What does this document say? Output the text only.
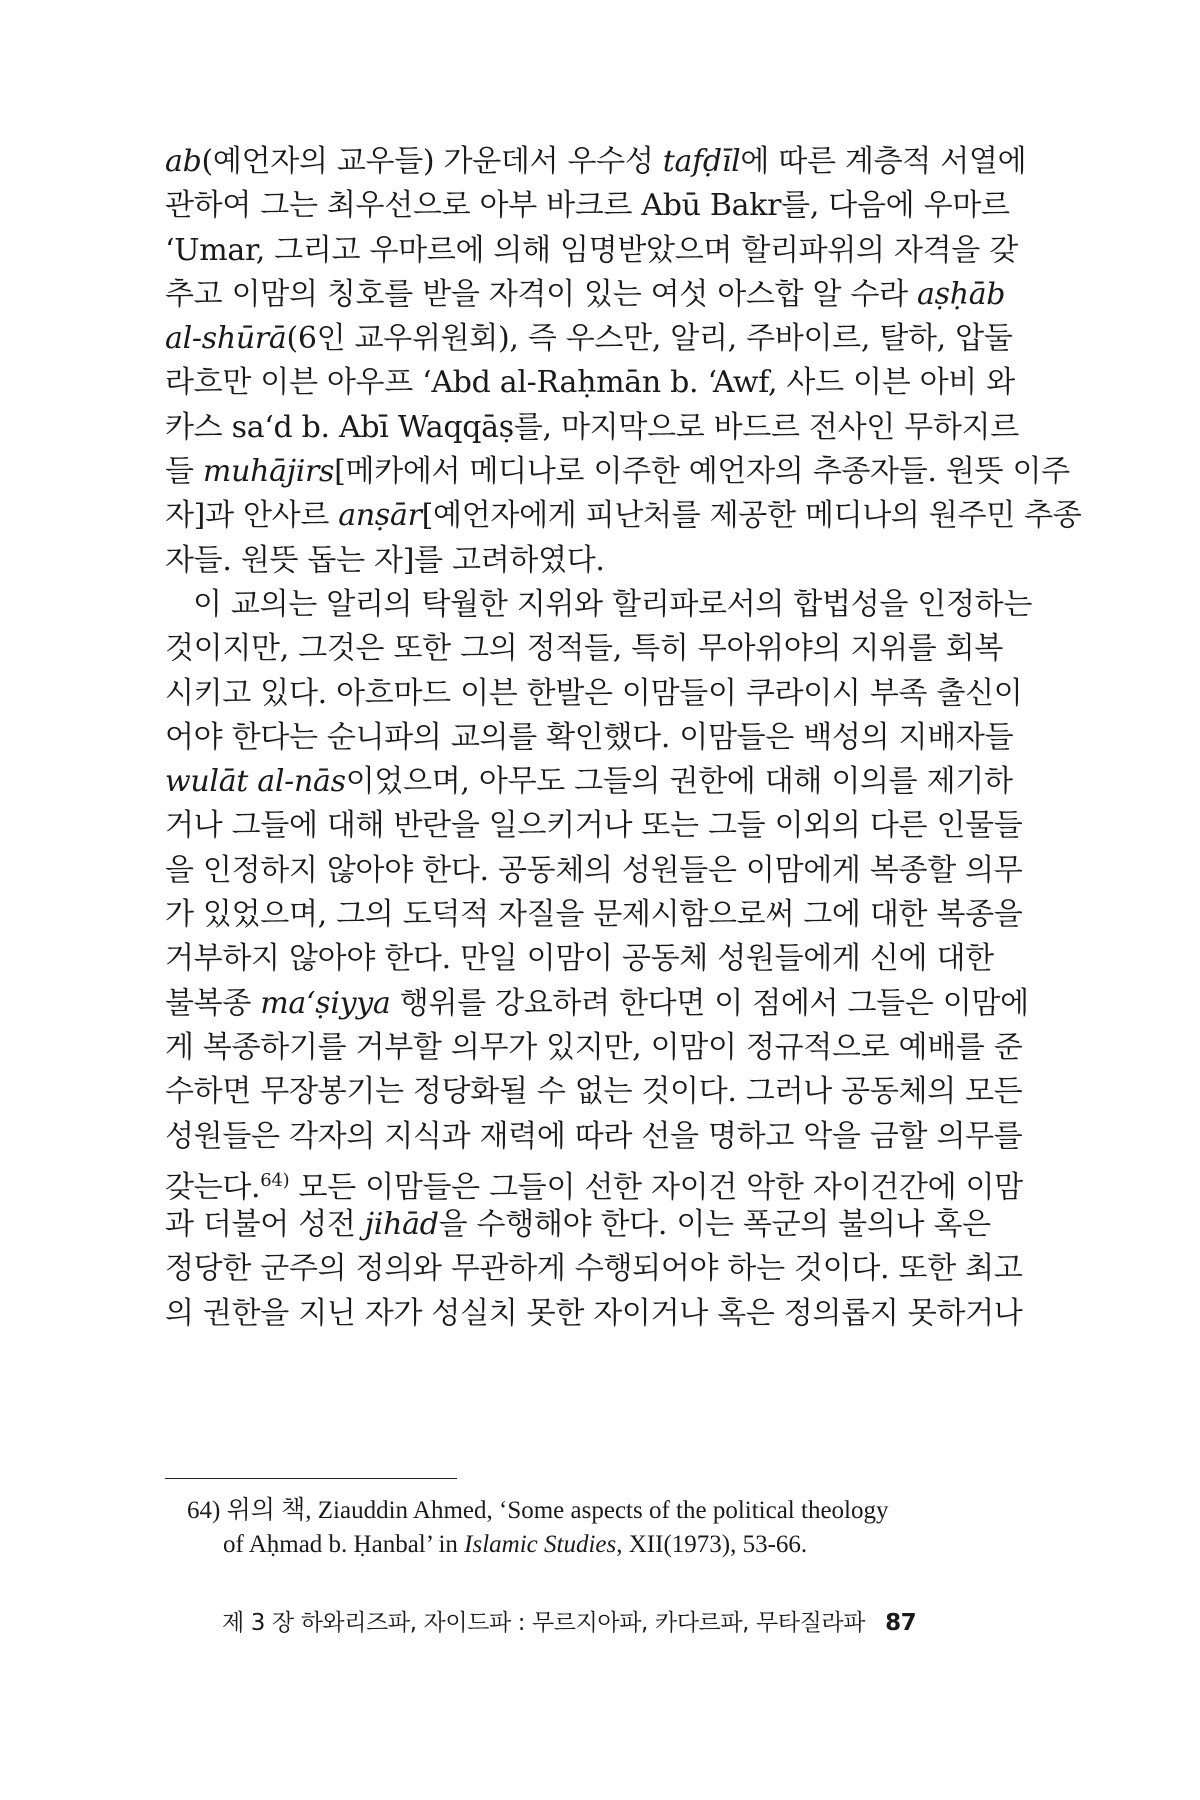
ab(예언자의 교우들) 가운데서 우수성 tafḍīl에 따른 계층적 서열에
관하여 그는 최우선으로 아부 바크르 Abū Bakr를, 다음에 우마르
‘Umar, 그리고 우마르에 의해 임명받았으며 할리파위의 자격을 갖
추고 이맘의 칭호를 받을 자격이 있는 여섯 아스합 알 수라 aṣḥāb
al-shūrā(6인 교우위원회), 즉 우스만, 알리, 주바이르, 탈하, 압둘
라흐만 이븐 아우프 ‘Abd al-Raḥmān b. ‘Awf, 사드 이븐 아비 와
카스 sa‘d b. Abī Waqqāṣ를, 마지막으로 바드르 전사인 무하지르
들 muhājirs[메카에서 메디나로 이주한 예언자의 추종자들. 원뜻 이주
자]과 안사르 anṣār[예언자에게 피난처를 제공한 메디나의 원주민 추종
자들. 원뜻 돕는 자]를 고려하였다.
이 교의는 알리의 탁월한 지위와 할리파로서의 합법성을 인정하는
것이지만, 그것은 또한 그의 정적들, 특히 무아위야의 지위를 회복
시키고 있다. 아흐마드 이븐 한발은 이맘들이 쿠라이시 부족 출신이
어야 한다는 순니파의 교의를 확인했다. 이맘들은 백성의 지배자들
wulāt al-nās이었으며, 아무도 그들의 권한에 대해 이의를 제기하
거나 그들에 대해 반란을 일으키거나 또는 그들 이외의 다른 인물들
을 인정하지 않아야 한다. 공동체의 성원들은 이맘에게 복종할 의무
가 있었으며, 그의 도덕적 자질을 문제시함으로써 그에 대한 복종을
거부하지 않아야 한다. 만일 이맘이 공동체 성원들에게 신에 대한
불복종 ma‘ṣiyya 행위를 강요하려 한다면 이 점에서 그들은 이맘에
게 복종하기를 거부할 의무가 있지만, 이맘이 정규적으로 예배를 준
수하면 무장봉기는 정당화될 수 없는 것이다. 그러나 공동체의 모든
성원들은 각자의 지식과 재력에 따라 선을 명하고 악을 금할 의무를
갖는다.$^{64)}$ 모든 이맘들은 그들이 선한 자이건 악한 자이건간에 이맘
과 더불어 성전 jihād을 수행해야 한다. 이는 폭군의 불의나 혹은
정당한 군주의 정의와 무관하게 수행되어야 하는 것이다. 또한 최고
의 권한을 지닌 자가 성실치 못한 자이거나 혹은 정의롭지 못하거나
64) 위의 책, Ziauddin Ahmed, ‘Some aspects of the political theology
of Aḥmad b. Ḥanbal’ in Islamic Studies, XII(1973), 53-66.
제 3 장 하와리즈파, 자이드파 : 무르지아파, 카다르파, 무타질라파 87
